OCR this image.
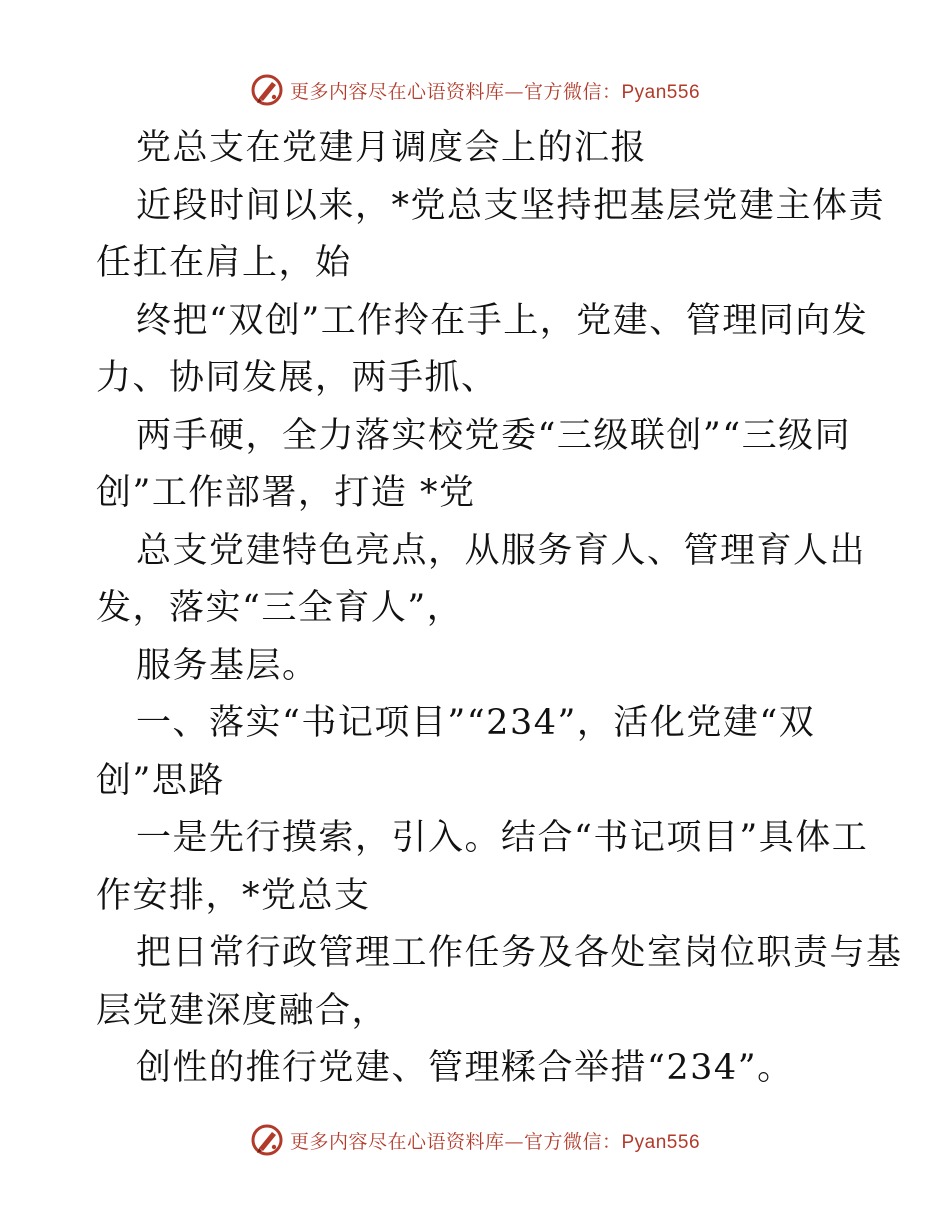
更多内容尽在心语资料库—官方微信：Pyan556
党总支在党建月调度会上的汇报
近段时间以来，*党总支坚持把基层党建主体责
任扛在肩上，始
终把“双创”工作拎在手上，党建、管理同向发
力、协同发展，两手抓、
两手硬，全力落实校党委“三级联创”“三级同
创”工作部署，打造 *党
总支党建特色亮点，从服务育人、管理育人出
发，落实“三全育人”，
服务基层。
一、落实“书记项目”“234”，活化党建“双
创”思路
一是先行摸索，引入。结合“书记项目”具体工
作安排，*党总支
把日常行政管理工作任务及各处室岗位职责与基
层党建深度融合，
创性的推行党建、管理糅合举措“234”。
更多内容尽在心语资料库—官方微信：Pyan556
